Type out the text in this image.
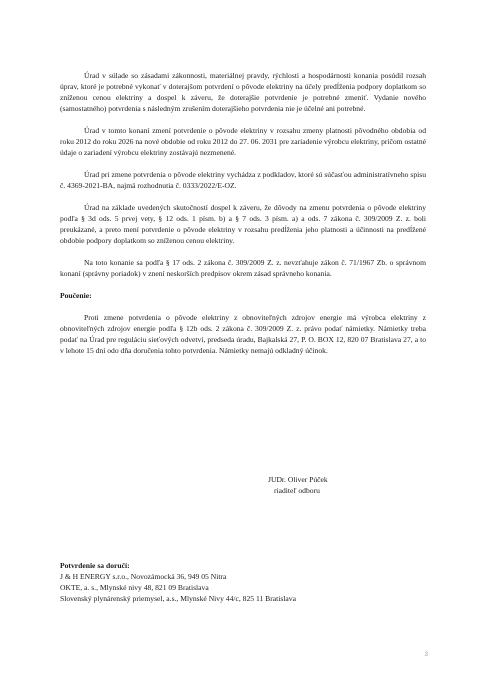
Úrad v súlade so zásadami zákonnosti, materiálnej pravdy, rýchlosti a hospodárnosti konania posúdil rozsah úprav, ktoré je potrebné vykonať v doterajšom potvrdení o pôvode elektriny na účely predĺženia podpory doplatkom so zníženou cenou elektriny a dospel k záveru, že doterajšie potvrdenie je potrebné zmeniť. Vydanie nového (samostatného) potvrdenia s následným zrušením doterajšieho potvrdenia nie je účelné ani potrebné.

Úrad v tomto konaní zmení potvrdenie o pôvode elektriny v rozsahu zmeny platnosti pôvodného obdobia od roku 2012 do roku 2026 na nové obdobie od roku 2012 do 27. 06. 2031 pre zariadenie výrobcu elektriny, pričom ostatné údaje o zariadení výrobcu elektriny zostávajú nezmenené.

Úrad pri zmene potvrdenia o pôvode elektriny vychádza z podkladov, ktoré sú súčasťou administratívneho spisu č. 4369-2021-BA, najmä rozhodnutia č. 0333/2022/E-OZ.

Úrad na základe uvedených skutočností dospel k záveru, že dôvody na zmenu potvrdenia o pôvode elektriny podľa § 3d ods. 5 prvej vety, § 12 ods. 1 písm. b) a § 7 ods. 3 písm. a) a ods. 7 zákona č. 309/2009 Z. z. boli preukázané, a preto mení potvrdenie o pôvode elektriny v rozsahu predĺženia jeho platnosti a účinnosti na predĺžené obdobie podpory doplatkom so zníženou cenou elektriny.

Na toto konanie sa podľa § 17 ods. 2 zákona č. 309/2009 Z. z. nevzťahuje zákon č. 71/1967 Zb. o správnom konaní (správny poriadok) v znení neskorších predpisov okrem zásad správneho konania.

Poučenie:

Proti zmene potvrdenia o pôvode elektriny z obnoviteľných zdrojov energie má výrobca elektriny z obnoviteľných zdrojov energie podľa § 12b ods. 2 zákona č. 309/2009 Z. z. právo podať námietky. Námietky treba podať na Úrad pre reguláciu sieťových odvetví, predseda úradu, Bajkalská 27, P. O. BOX 12, 820 07 Bratislava 27, a to v lehote 15 dní odo dňa doručenia tohto potvrdenia. Námietky nemajú odkladný účinok.

JUDr. Oliver Púček
riaditeľ odboru

Potvrdenie sa doručí:

J & H ENERGY s.r.o., Novozámocká 36, 949 05 Nitra

OKTE, a. s., Mlynské nivy 48, 821 09 Bratislava

Slovenský plynárenský priemysel, a.s., Mlynské Nivy 44/c, 825 11 Bratislava

3
